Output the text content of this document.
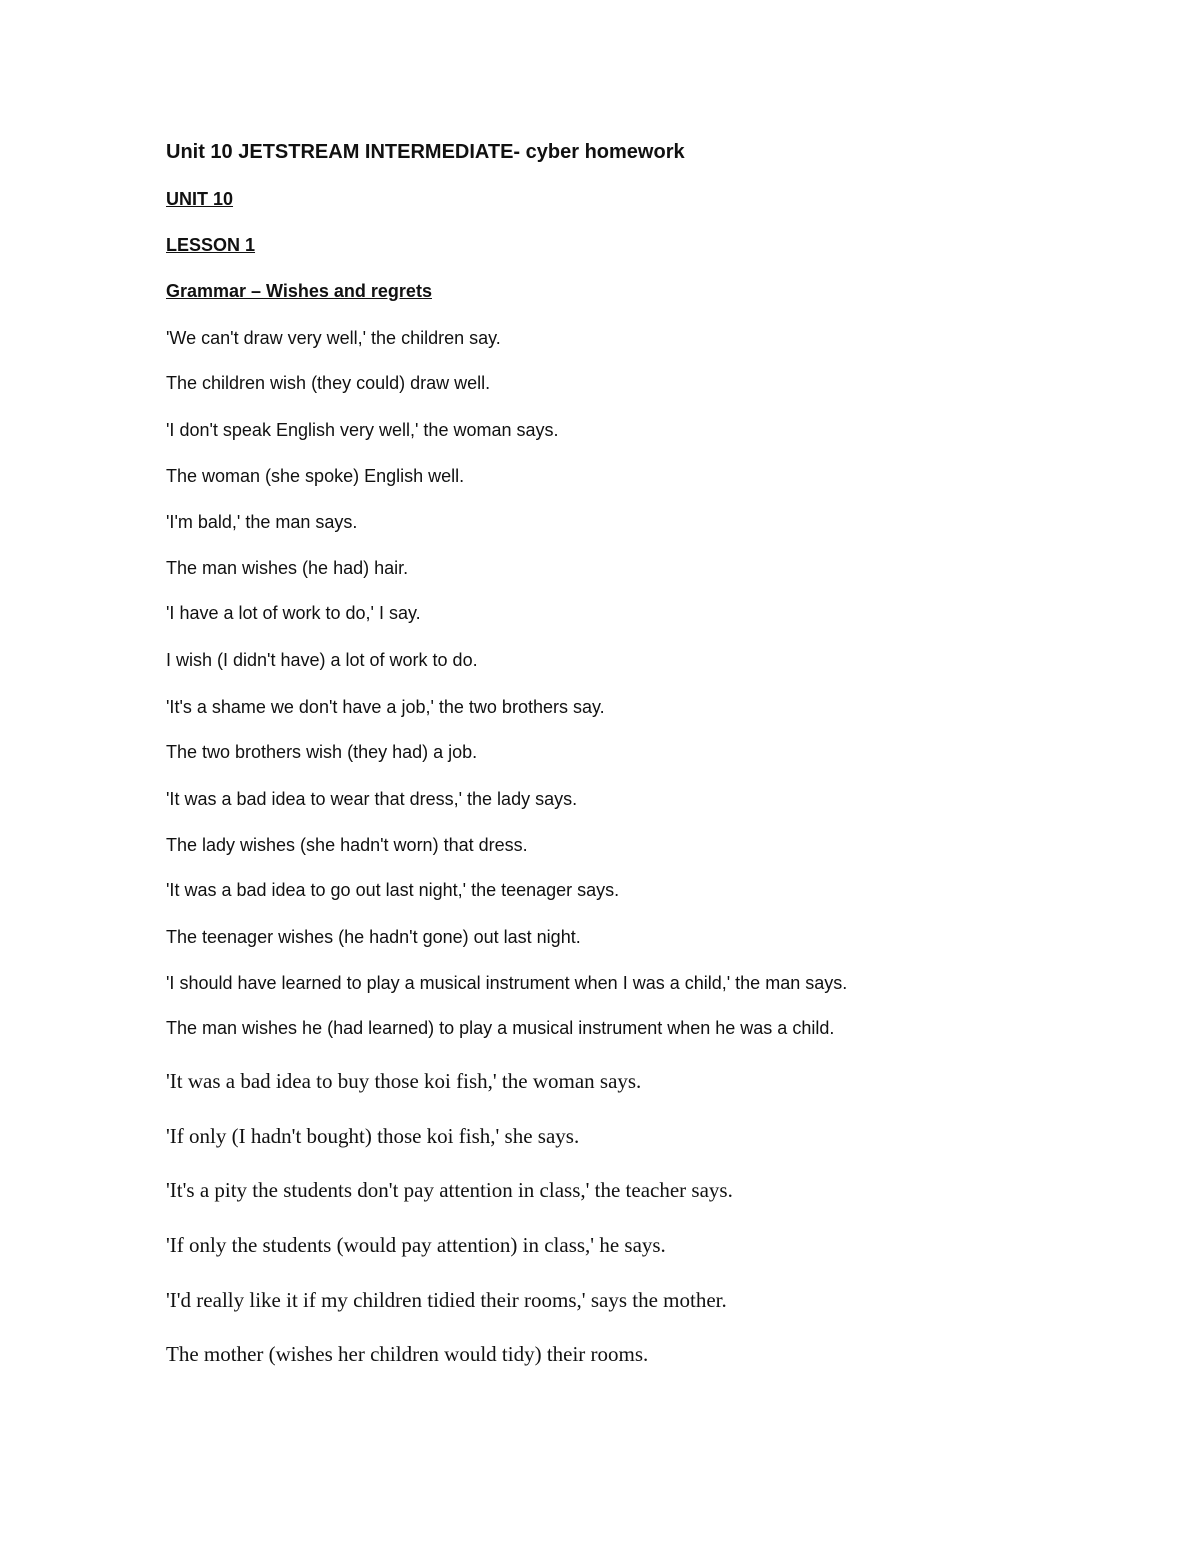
Unit 10 JETSTREAM INTERMEDIATE- cyber homework
UNIT 10
LESSON 1
Grammar – Wishes and regrets
'We can't draw very well,' the children say.
The children wish (they could) draw well.
'I don't speak English very well,' the woman says.
The woman (she spoke) English well.
'I'm bald,' the man says.
The man wishes (he had) hair.
'I have a lot of work to do,' I say.
I wish (I didn't have) a lot of work to do.
'It's a shame we don't have a job,' the two brothers say.
The two brothers wish (they had) a job.
'It was a bad idea to wear that dress,' the lady says.
The lady wishes (she hadn't worn) that dress.
'It was a bad idea to go out last night,' the teenager says.
The teenager wishes (he hadn't gone) out last night.
'I should have learned to play a musical instrument when I was a child,' the man says.
The man wishes he (had learned) to play a musical instrument when he was a child.
'It was a bad idea to buy those koi fish,' the woman says.
'If only (I hadn't bought) those koi fish,' she says.
'It's a pity the students don't pay attention in class,' the teacher says.
'If only the students (would pay attention) in class,' he says.
'I'd really like it if my children tidied their rooms,' says the mother.
The mother (wishes her children would tidy) their rooms.
